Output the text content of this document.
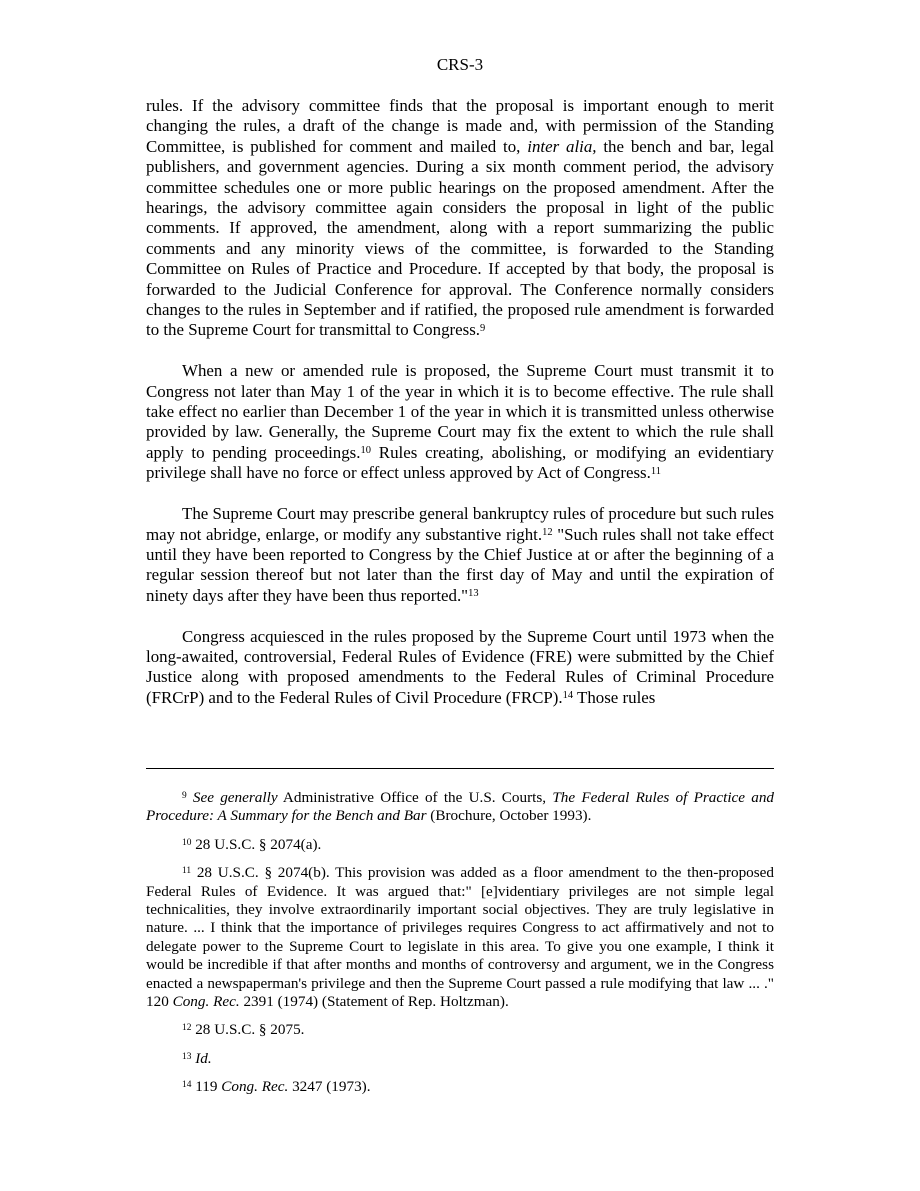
CRS-3

rules. If the advisory committee finds that the proposal is important enough to merit changing the rules, a draft of the change is made and, with permission of the Standing Committee, is published for comment and mailed to, inter alia, the bench and bar, legal publishers, and government agencies. During a six month comment period, the advisory committee schedules one or more public hearings on the proposed amendment. After the hearings, the advisory committee again considers the proposal in light of the public comments. If approved, the amendment, along with a report summarizing the public comments and any minority views of the committee, is forwarded to the Standing Committee on Rules of Practice and Procedure. If accepted by that body, the proposal is forwarded to the Judicial Conference for approval. The Conference normally considers changes to the rules in September and if ratified, the proposed rule amendment is forwarded to the Supreme Court for transmittal to Congress.$^9$

When a new or amended rule is proposed, the Supreme Court must transmit it to Congress not later than May 1 of the year in which it is to become effective. The rule shall take effect no earlier than December 1 of the year in which it is transmitted unless otherwise provided by law. Generally, the Supreme Court may fix the extent to which the rule shall apply to pending proceedings.$^{10}$ Rules creating, abolishing, or modifying an evidentiary privilege shall have no force or effect unless approved by Act of Congress.$^{11}$

The Supreme Court may prescribe general bankruptcy rules of procedure but such rules may not abridge, enlarge, or modify any substantive right.$^{12}$ "Such rules shall not take effect until they have been reported to Congress by the Chief Justice at or after the beginning of a regular session thereof but not later than the first day of May and until the expiration of ninety days after they have been thus reported."$^{13}$

Congress acquiesced in the rules proposed by the Supreme Court until 1973 when the long-awaited, controversial, Federal Rules of Evidence (FRE) were submitted by the Chief Justice along with proposed amendments to the Federal Rules of Criminal Procedure (FRCrP) and to the Federal Rules of Civil Procedure (FRCP).$^{14}$ Those rules

$^9$ See generally Administrative Office of the U.S. Courts, The Federal Rules of Practice and Procedure: A Summary for the Bench and Bar (Brochure, October 1993).

$^{10}$ 28 U.S.C. § 2074(a).

$^{11}$ 28 U.S.C. § 2074(b). This provision was added as a floor amendment to the then-proposed Federal Rules of Evidence. It was argued that:" [e]videntiary privileges are not simple legal technicalities, they involve extraordinarily important social objectives. They are truly legislative in nature. ... I think that the importance of privileges requires Congress to act affirmatively and not to delegate power to the Supreme Court to legislate in this area. To give you one example, I think it would be incredible if that after months and months of controversy and argument, we in the Congress enacted a newspaperman's privilege and then the Supreme Court passed a rule modifying that law ... ." 120 Cong. Rec. 2391 (1974) (Statement of Rep. Holtzman).

$^{12}$ 28 U.S.C. § 2075.

$^{13}$ Id.

$^{14}$ 119 Cong. Rec. 3247 (1973).
